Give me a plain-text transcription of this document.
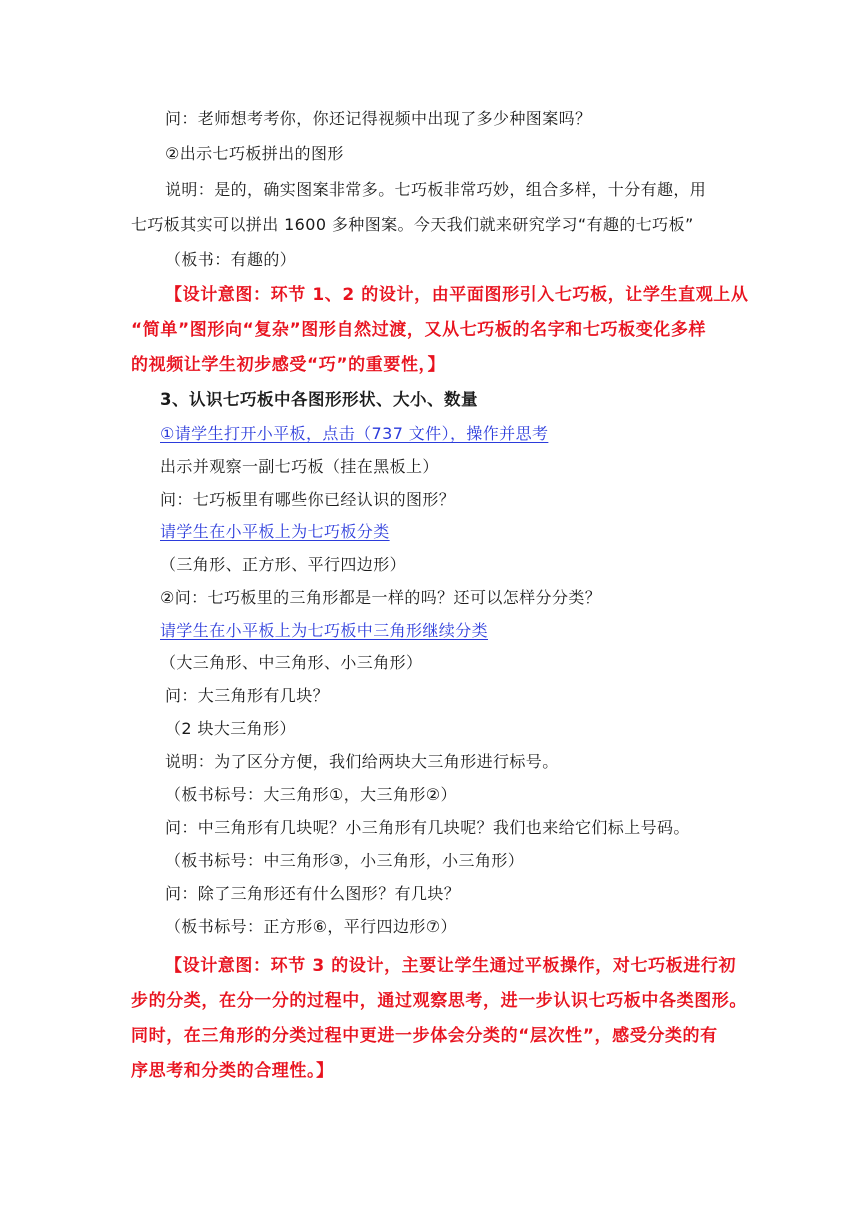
问：老师想考考你，你还记得视频中出现了多少种图案吗？
②出示七巧板拼出的图形
说明：是的，确实图案非常多。七巧板非常巧妙，组合多样，十分有趣，用
七巧板其实可以拼出 1600 多种图案。今天我们就来研究学习“有趣的七巧板”
（板书：有趣的）
【设计意图：环节 1、2 的设计，由平面图形引入七巧板，让学生直观上从
“简单”图形向“复杂”图形自然过渡，又从七巧板的名字和七巧板变化多样
的视频让学生初步感受“巧”的重要性，】
3、认识七巧板中各图形形状、大小、数量
①请学生打开小平板，点击（737 文件），操作并思考
出示并观察一副七巧板（挂在黑板上）
问：七巧板里有哪些你已经认识的图形？
请学生在小平板上为七巧板分类
（三角形、正方形、平行四边形）
②问：七巧板里的三角形都是一样的吗？还可以怎样分分类？
请学生在小平板上为七巧板中三角形继续分类
（大三角形、中三角形、小三角形）
问：大三角形有几块？
（2 块大三角形）
说明：为了区分方便，我们给两块大三角形进行标号。
（板书标号：大三角形①，大三角形②）
问：中三角形有几块呢？小三角形有几块呢？我们也来给它们标上号码。
（板书标号：中三角形③，小三角形，小三角形）
问：除了三角形还有什么图形？有几块？
（板书标号：正方形⑥，平行四边形⑦）
【设计意图：环节 3 的设计，主要让学生通过平板操作，对七巧板进行初
步的分类，在分一分的过程中，通过观察思考，进一步认识七巧板中各类图形。
同时，在三角形的分类过程中更进一步体会分类的“层次性”，感受分类的有
序思考和分类的合理性。】
